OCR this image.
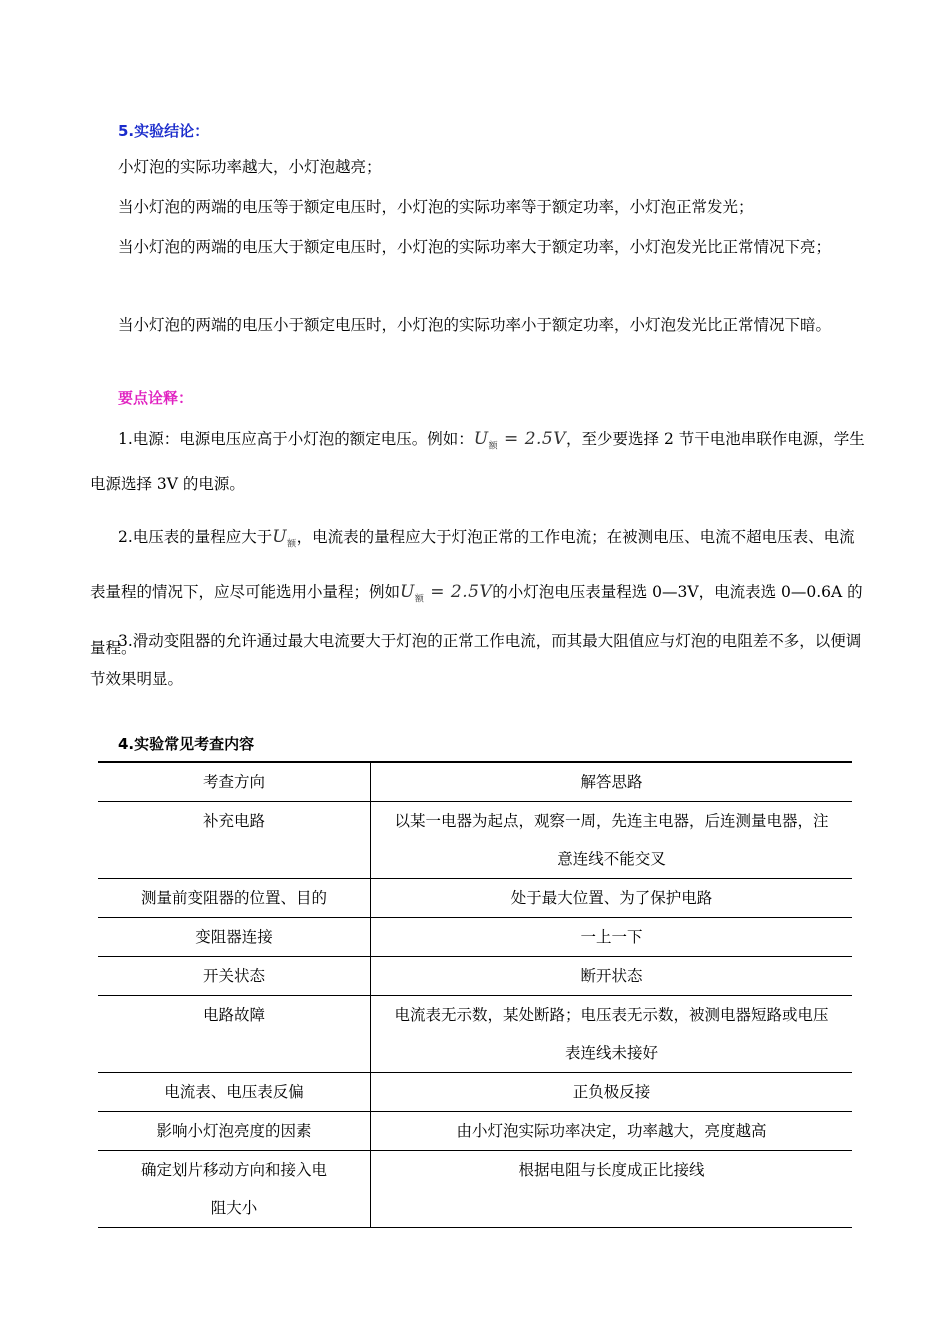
5.实验结论：
小灯泡的实际功率越大，小灯泡越亮；
当小灯泡的两端的电压等于额定电压时，小灯泡的实际功率等于额定功率，小灯泡正常发光；
当小灯泡的两端的电压大于额定电压时，小灯泡的实际功率大于额定功率，小灯泡发光比正常情况下亮；
当小灯泡的两端的电压小于额定电压时，小灯泡的实际功率小于额定功率，小灯泡发光比正常情况下暗。
要点诠释：
1.电源：电源电压应高于小灯泡的额定电压。例如：$U_额 = 2.5V$，至少要选择 2 节干电池串联作电源，学生电源选择 3V 的电源。
2.电压表的量程应大于$U_额$，电流表的量程应大于灯泡正常的工作电流；在被测电压、电流不超电压表、电流表量程的情况下，应尽可能选用小量程；例如$U_额 = 2.5V$的小灯泡电压表量程选 0—3V，电流表选 0—0.6A 的量程。
3.滑动变阻器的允许通过最大电流要大于灯泡的正常工作电流，而其最大阻值应与灯泡的电阻差不多，以便调节效果明显。
4.实验常见考查内容
考查方向	解答思路
补充电路	以某一电器为起点，观察一周，先连主电器，后连测量电器，注意连线不能交叉

测量前变阻器的位置、目的	处于最大位置、为了保护电路
变阻器连接	一上一下
开关状态	断开状态
电路故障	电流表无示数，某处断路；电压表无示数，被测电器短路或电压表连线未接好

电流表、电压表反偏	正负极反接
影响小灯泡亮度的因素	由小灯泡实际功率决定，功率越大，亮度越高

确定划片移动方向和接入电阻大小	根据电阻与长度成正比接线
